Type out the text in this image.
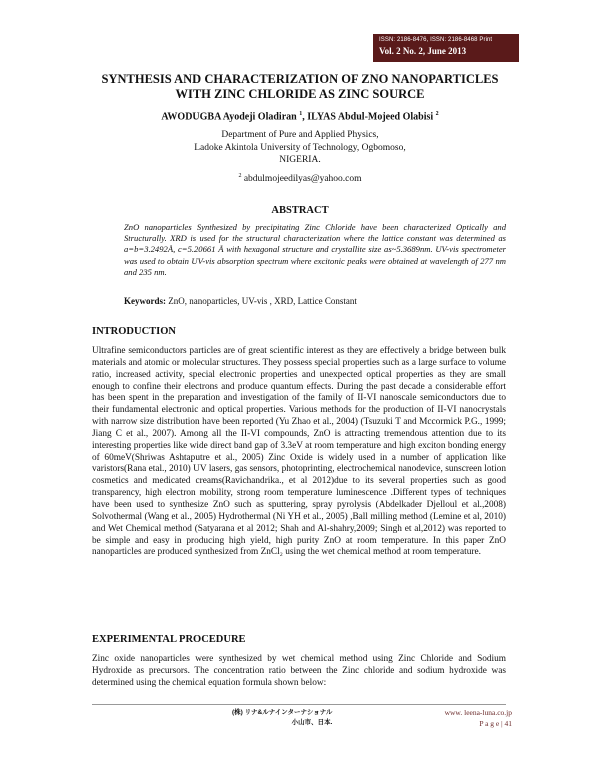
ISSN: 2186-8476, ISSN: 2186-8468 Print
Vol. 2 No. 2, June 2013
SYNTHESIS AND CHARACTERIZATION OF ZNO NANOPARTICLES
WITH ZINC CHLORIDE AS ZINC SOURCE
AWODUGBA Ayodeji Oladiran $^1$, ILYAS Abdul-Mojeed Olabisi $^2$
Department of Pure and Applied Physics,
Ladoke Akintola University of Technology, Ogbomoso,
NIGERIA.
$^2$ abdulmojeedilyas@yahoo.com
ABSTRACT
ZnO nanoparticles Synthesized by precipitating Zinc Chloride have been characterized Optically and Structurally. XRD is used for the structural characterization where the lattice constant was determined as a=b=3.2492Å, c=5.20661 Å with hexagonal structure and crystallite size as~5.3689nm. UV-vis spectrometer was used to obtain UV-vis absorption spectrum where excitonic peaks were obtained at wavelength of 277 nm and 235 nm.
Keywords: ZnO, nanoparticles, UV-vis , XRD, Lattice Constant
INTRODUCTION
Ultrafine semiconductors particles are of great scientific interest as they are effectively a bridge between bulk materials and atomic or molecular structures. They possess special properties such as a large surface to volume ratio, increased activity, special electronic properties and unexpected optical properties as they are small enough to confine their electrons and produce quantum effects. During the past decade a considerable effort has been spent in the preparation and investigation of the family of II-VI nanoscale semiconductors due to their fundamental electronic and optical properties. Various methods for the production of II-VI nanocrystals with narrow size distribution have been reported (Yu Zhao et al., 2004) (Tsuzuki T and Mccormick P.G., 1999; Jiang C et al., 2007). Among all the II-VI compounds, ZnO is attracting tremendous attention due to its interesting properties like wide direct band gap of 3.3eV at room temperature and high exciton bonding energy of 60meV(Shriwas Ashtaputre et al., 2005) Zinc Oxide is widely used in a number of application like varistors(Rana etal., 2010) UV lasers, gas sensors, photoprinting, electrochemical nanodevice, sunscreen lotion cosmetics and medicated creams(Ravichandrika., et al 2012)due to its several properties such as good transparency, high electron mobility, strong room temperature luminescence .Different types of techniques have been used to synthesize ZnO such as sputtering, spray pyrolysis (Abdelkader Djelloul et al.,2008) Solvothermal (Wang et al., 2005) Hydrothermal (Ni YH et al., 2005) ,Ball milling method (Lemine et al, 2010) and Wet Chemical method (Satyarana et al 2012; Shah and Al-shahry,2009; Singh et al,2012) was reported to be simple and easy in producing high yield, high purity ZnO at room temperature. In this paper ZnO nanoparticles are produced synthesized from ZnCl₂ using the wet chemical method at room temperature.
EXPERIMENTAL PROCEDURE
Zinc oxide nanoparticles were synthesized by wet chemical method using Zinc Chloride and Sodium Hydroxide as precursors. The concentration ratio between the Zinc chloride and sodium hydroxide was determined using the chemical equation formula shown below:
(株) リナ&ルナインターナショナル
小山市、日本.
www. leena-luna.co.jp
P a g e | 41
